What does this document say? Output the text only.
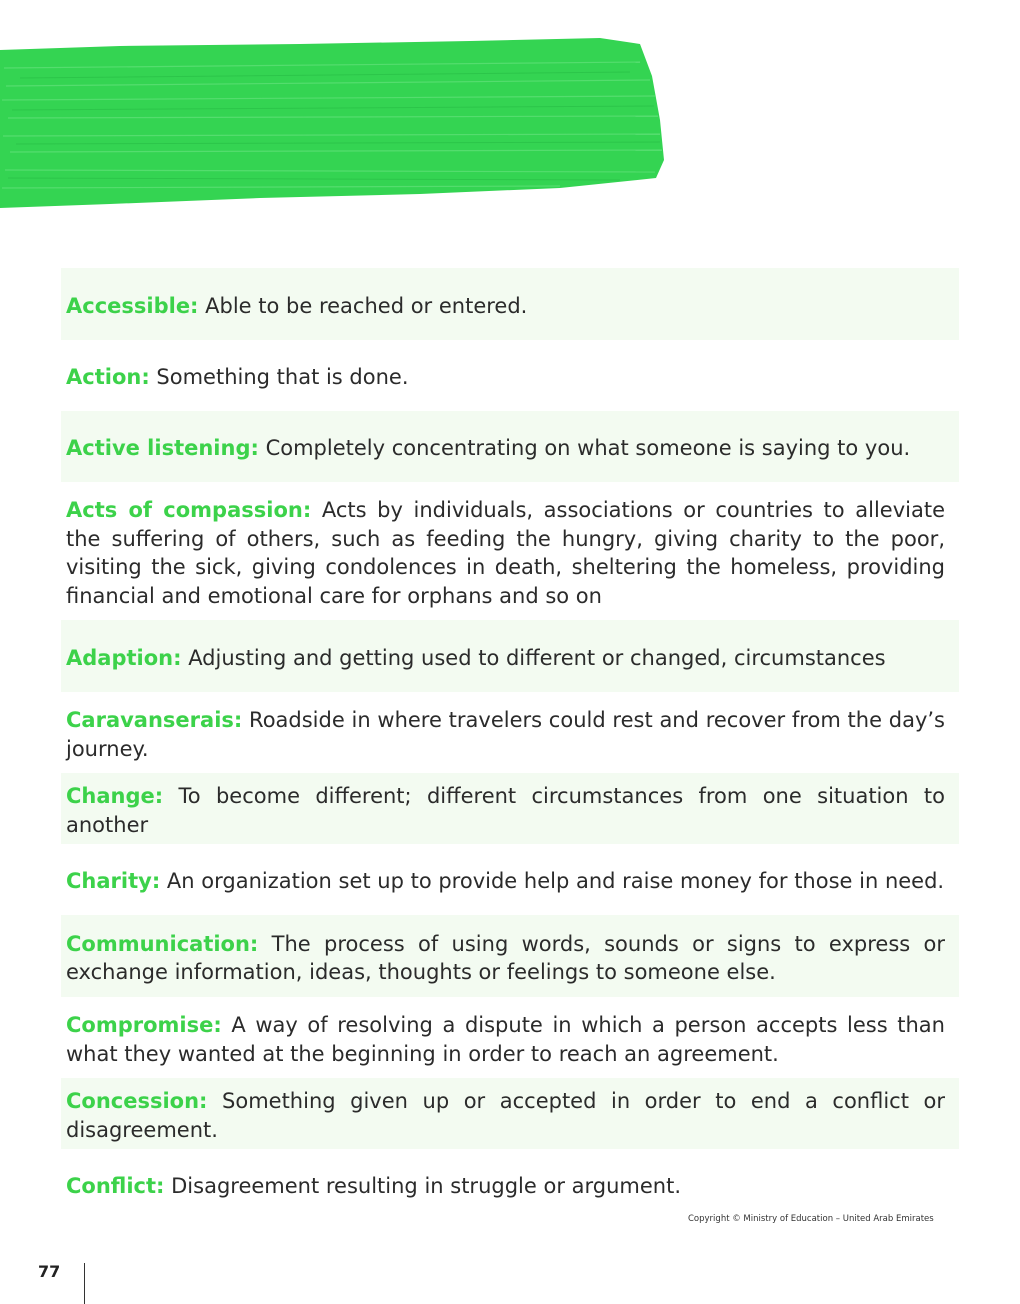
Accessible: Able to be reached or entered.
Action: Something that is done.
Active listening: Completely concentrating on what someone is saying to you.
Acts of compassion: Acts by individuals, associations or countries to alleviate the suffering of others, such as feeding the hungry, giving charity to the poor, visiting the sick, giving condolences in death, sheltering the homeless, providing financial and emotional care for orphans and so on
Adaption: Adjusting and getting used to different or changed, circumstances
Caravanserais: Roadside in where travelers could rest and recover from the day’s journey.
Change: To become different; different circumstances from one situation to another
Charity: An organization set up to provide help and raise money for those in need.
Communication: The process of using words, sounds or signs to express or exchange information, ideas, thoughts or feelings to someone else.
Compromise: A way of resolving a dispute in which a person accepts less than what they wanted at the beginning in order to reach an agreement.
Concession: Something given up or accepted in order to end a conflict or disagreement.
Conflict: Disagreement resulting in struggle or argument.
Copyright © Ministry of Education – United Arab Emirates
77
